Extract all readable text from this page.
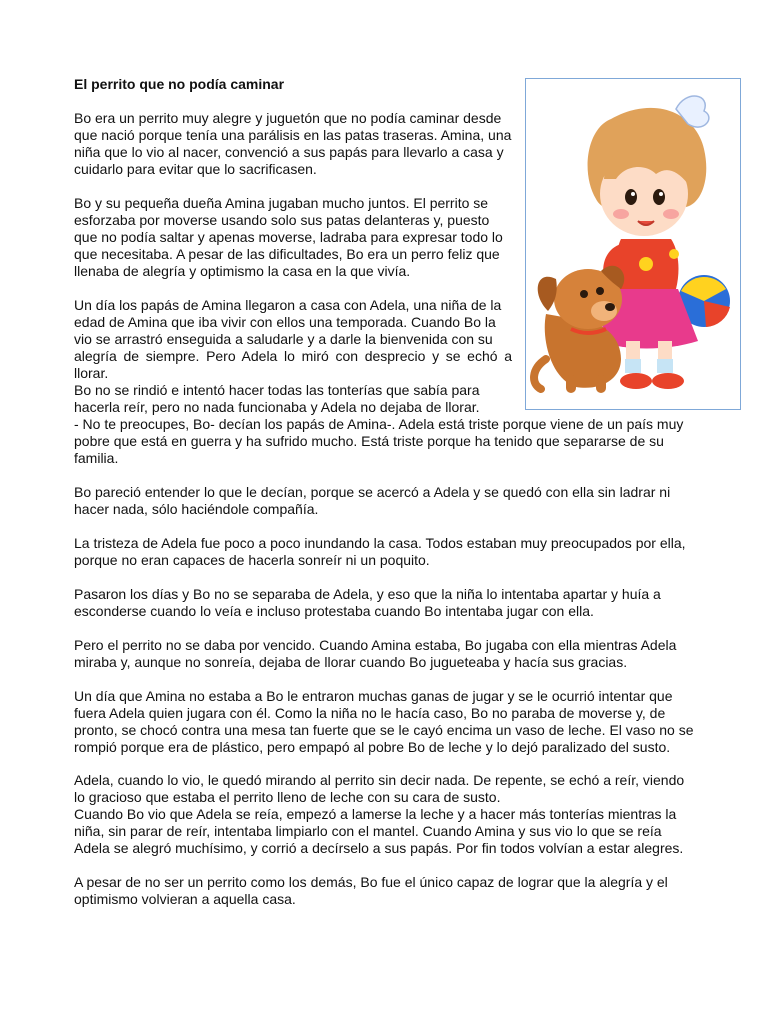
El perrito que no podía caminar

Bo era un perrito muy alegre y juguetón que no podía caminar desde
que nació porque tenía una parálisis en las patas traseras. Amina, una
niña que lo vio al nacer, convenció a sus papás para llevarlo a casa y
cuidarlo para evitar que lo sacrificasen.

Bo y su pequeña dueña Amina jugaban mucho juntos. El perrito se
esforzaba por moverse usando solo sus patas delanteras y, puesto
que no podía saltar y apenas moverse, ladraba para expresar todo lo
que necesitaba. A pesar de las dificultades, Bo era un perro feliz que
llenaba de alegría y optimismo la casa en la que vivía.

Un día los papás de Amina llegaron a casa con Adela, una niña de la
edad de Amina que iba vivir con ellos una temporada. Cuando Bo la
vio se arrastró enseguida a saludarle y a darle la bienvenida con su
alegría de siempre. Pero Adela lo miró con desprecio y se echó a llorar.

Bo no se rindió e intentó hacer todas las tonterías que sabía para
hacerla reír, pero no nada funcionaba y Adela no dejaba de llorar.
- No te preocupes, Bo- decían los papás de Amina-. Adela está triste porque viene de un país muy
pobre que está en guerra y ha sufrido mucho. Está triste porque ha tenido que separarse de su
familia.

Bo pareció entender lo que le decían, porque se acercó a Adela y se quedó con ella sin ladrar ni
hacer nada, sólo haciéndole compañía.

La tristeza de Adela fue poco a poco inundando la casa. Todos estaban muy preocupados por ella,
porque no eran capaces de hacerla sonreír ni un poquito.

Pasaron los días y Bo no se separaba de Adela, y eso que la niña lo intentaba apartar y huía a
esconderse cuando lo veía e incluso protestaba cuando Bo intentaba jugar con ella.

Pero el perrito no se daba por vencido. Cuando Amina estaba, Bo jugaba con ella mientras Adela
miraba y, aunque no sonreía, dejaba de llorar cuando Bo jugueteaba y hacía sus gracias.

Un día que Amina no estaba a Bo le entraron muchas ganas de jugar y se le ocurrió intentar que
fuera Adela quien jugara con él. Como la niña no le hacía caso, Bo no paraba de moverse y, de
pronto, se chocó contra una mesa tan fuerte que se le cayó encima un vaso de leche. El vaso no se
rompió porque era de plástico, pero empapó al pobre Bo de leche y lo dejó paralizado del susto.

Adela, cuando lo vio, le quedó mirando al perrito sin decir nada. De repente, se echó a reír, viendo
lo gracioso que estaba el perrito lleno de leche con su cara de susto.
Cuando Bo vio que Adela se reía, empezó a lamerse la leche y a hacer más tonterías mientras la
niña, sin parar de reír, intentaba limpiarlo con el mantel. Cuando Amina y sus vio lo que se reía
Adela se alegró muchísimo, y corrió a decírselo a sus papás. Por fin todos volvían a estar alegres.

A pesar de no ser un perrito como los demás, Bo fue el único capaz de lograr que la alegría y el
optimismo volvieran a aquella casa.
